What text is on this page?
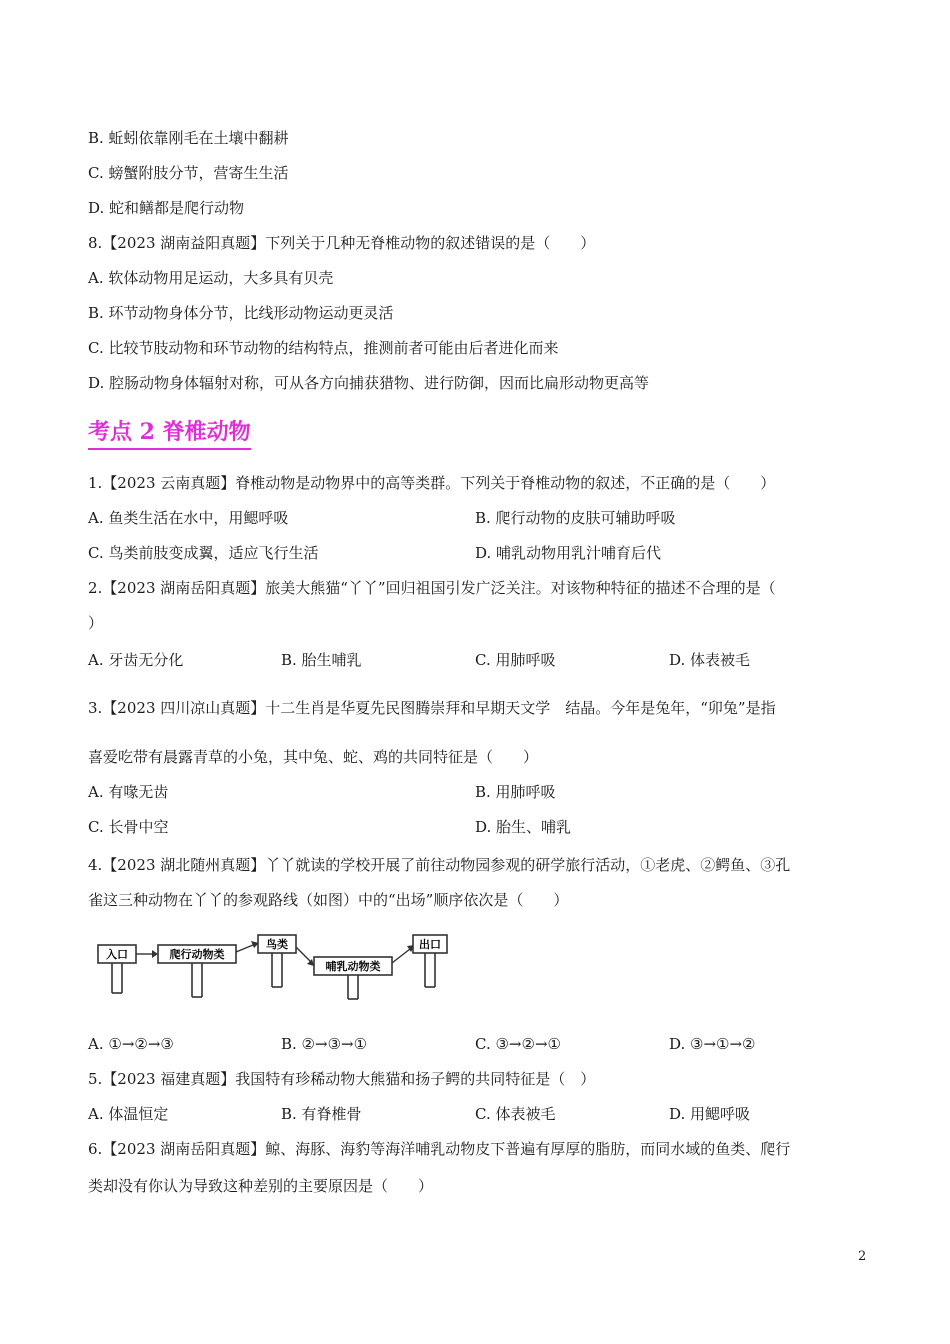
B. 蚯蚓依靠刚毛在土壤中翻耕
C. 螃蟹附肢分节，营寄生生活
D. 蛇和鳝都是爬行动物
8.【2023 湖南益阳真题】下列关于几种无脊椎动物的叙述错误的是（　　）
A. 软体动物用足运动，大多具有贝壳
B. 环节动物身体分节，比线形动物运动更灵活
C. 比较节肢动物和环节动物的结构特点，推测前者可能由后者进化而来
D. 腔肠动物身体辐射对称，可从各方向捕获猎物、进行防御，因而比扁形动物更高等
考点 2 脊椎动物
1.【2023 云南真题】脊椎动物是动物界中的高等类群。下列关于脊椎动物的叙述，不正确的是（　　）
A. 鱼类生活在水中，用鳃呼吸	B. 爬行动物的皮肤可辅助呼吸
C. 鸟类前肢变成翼，适应飞行生活	D. 哺乳动物用乳汁哺育后代
2.【2023 湖南岳阳真题】旅美大熊猫“丫丫”回归祖国引发广泛关注。对该物种特征的描述不合理的是（
）
A. 牙齿无分化	B. 胎生哺乳	C. 用肺呼吸	D. 体表被毛
3.【2023 四川凉山真题】十二生肖是华夏先民图腾崇拜和早期天文学　结晶。今年是兔年，“卯兔”是指
喜爱吃带有晨露青草的小兔，其中兔、蛇、鸡的共同特征是（　　）
A. 有喙无齿	B. 用肺呼吸
C. 长骨中空	D. 胎生、哺乳
4.【2023 湖北随州真题】丫丫就读的学校开展了前往动物园参观的研学旅行活动，①老虎、②鳄鱼、③孔
雀这三种动物在丫丫的参观路线（如图）中的“出场”顺序依次是（　　）
入口	爬行动物类
鸟类
哺乳动物类
出口
A. ①→②→③	B. ②→③→①	C. ③→②→①	D. ③→①→②
5.【2023 福建真题】我国特有珍稀动物大熊猫和扬子鳄的共同特征是（　）
A. 体温恒定	B. 有脊椎骨	C. 体表被毛	D. 用鳃呼吸
6.【2023 湖南岳阳真题】鲸、海豚、海豹等海洋哺乳动物皮下普遍有厚厚的脂肪，而同水域的鱼类、爬行
类却没有你认为导致这种差别的主要原因是（　　）
2
